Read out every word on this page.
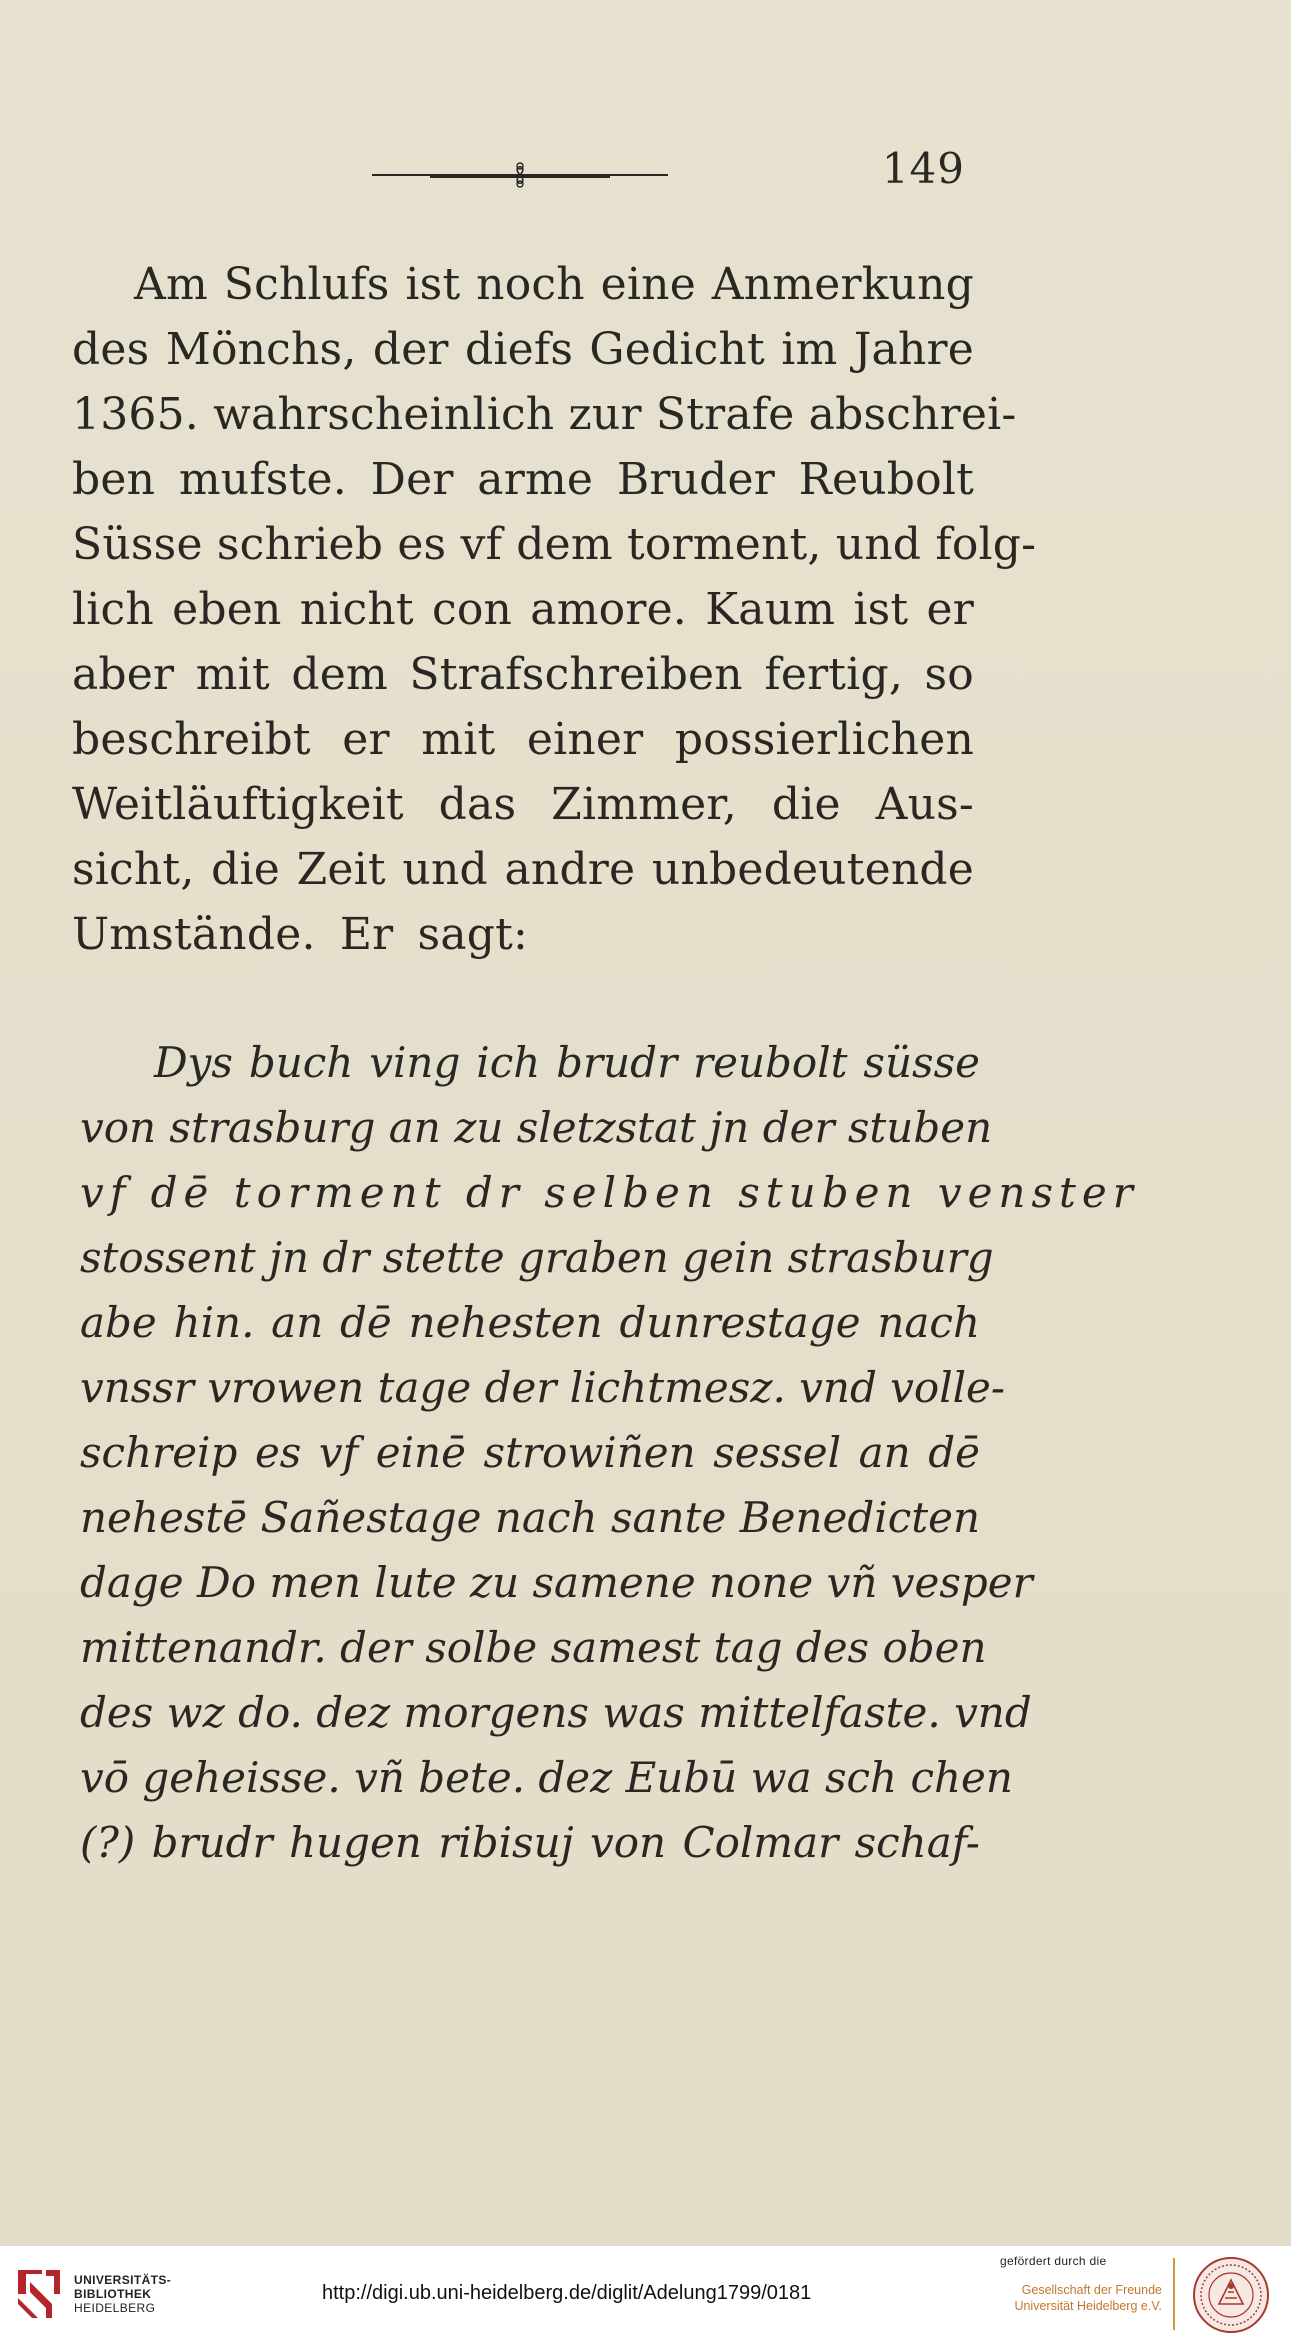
149
Am Schlufs ist noch eine Anmerkung
des Mönchs, der diefs Gedicht im Jahre
1365. wahrscheinlich zur Strafe abschrei-
ben mufste. Der arme Bruder Reubolt
Süsse schrieb es vf dem torment, und folg-
lich eben nicht con amore. Kaum ist er
aber mit dem Strafschreiben fertig, so
beschreibt er mit einer possierlichen
Weitläuftigkeit das Zimmer, die Aus-
sicht, die Zeit und andre unbedeutende
Umstände. Er sagt:
Dys buch ving ich brudr reubolt süsse
von strasburg an zu sletzstat jn der stuben
vf dē torment dr selben stuben venster
stossent jn dr stette graben gein strasburg
abe hin. an dē nehesten dunrestage nach
vnssr vrowen tage der lichtmesz. vnd volle-
schreip es vf einē strowiñen sessel an dē
nehestē Sañestage nach sante Benedicten
dage Do men lute zu samene none vñ vesper
mittenandr. der solbe samest tag des oben
des wz do. dez morgens was mittelfaste. vnd
vō geheisse. vñ bete. dez Eubū wa sch chen
(?) brudr hugen ribisuj von Colmar schaf-
UNIVERSITÄTS-
BIBLIOTHEK
HEIDELBERG
http://digi.ub.uni-heidelberg.de/diglit/Adelung1799/0181
gefördert durch die
Gesellschaft der Freunde
Universität Heidelberg e.V.
